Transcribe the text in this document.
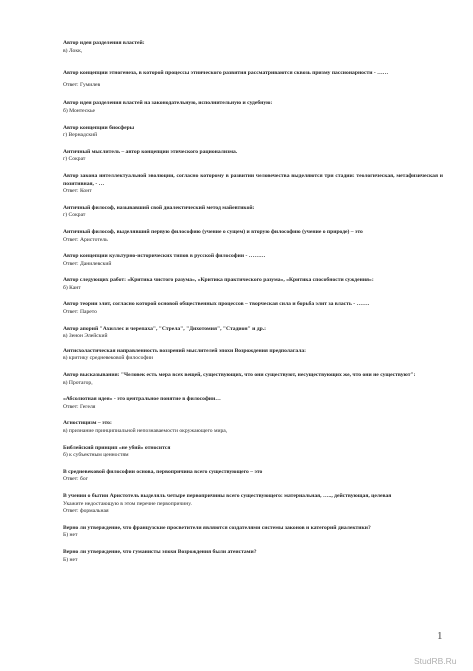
Автор идеи разделения властей:
в) Локк,
Автор концепции этногенеза, в которой процессы этнического развития рассматриваются сквозь призму пассионарности - ……
Ответ: Гумилев
Автор идеи разделения властей на законодательную, исполнительную и судебную:
б) Монтескье
Автор концепции биосферы
г) Вернадский
Античный мыслитель – автор концепции этического рационализма.
г) Сократ
Автор закона интеллектуальной эволюции, согласно которому в развитии человечества выделяются три стадии: теологическая, метафизическая и позитивная, - …
Ответ: Конт
Античный философ, называвший свой диалектический метод майевтикой:
г) Сократ
Античный философ, выделявший первую философию (учение о сущем) и вторую философию (учение о природе) – это
Ответ: Аристотель
Автор концепции культурно-исторических типов в русской философии - ………
Ответ: Данилевский
Автор следующих работ: «Критика чистого разума», «Критика практического разума», «Критика способности суждения»:
б) Кант
Автор теории элит, согласно которой основой общественных процессов – творческая сила и борьба элит за власть - …….
Ответ: Парето
Автор апорий "Ахиллес и черепаха", "Стрела", "Дихотомия", "Стадион" и др.:
в) Зенон Элейский
Антисхоластическая направленность воззрений мыслителей эпохи Возрождения предполагала:
в) критику средневековой философии
Автор высказывания: "Человек есть мера всех вещей, существующих, что они существуют, несуществующих же, что они не существуют":
в) Протагор,
«Абсолютная идея» - это центральное понятие в философии…
Ответ: Гегеля
Агностицизм – это:
в) признание принципиальной непознаваемости окружающего мира,
Библейский принцип «не убий» относится
б) к субъектным ценностям
В средневековой философии основа, первопричина всего существующего – это
Ответ: бог
В учении о бытии Аристотель выделяль четыре первопричины всего существующего: материальная, ….., действующая, целевая
Укажите недостающую в этом перечне первопричину.
Ответ: формальная
Верно ли утверждение, что французские просветители являются создателями системы законов и категорий диалектики?
Б) нет
Верно ли утверждение, что гуманисты эпохи Возрождения были атеистами?
Б) нет
1
StudRB.Ru
